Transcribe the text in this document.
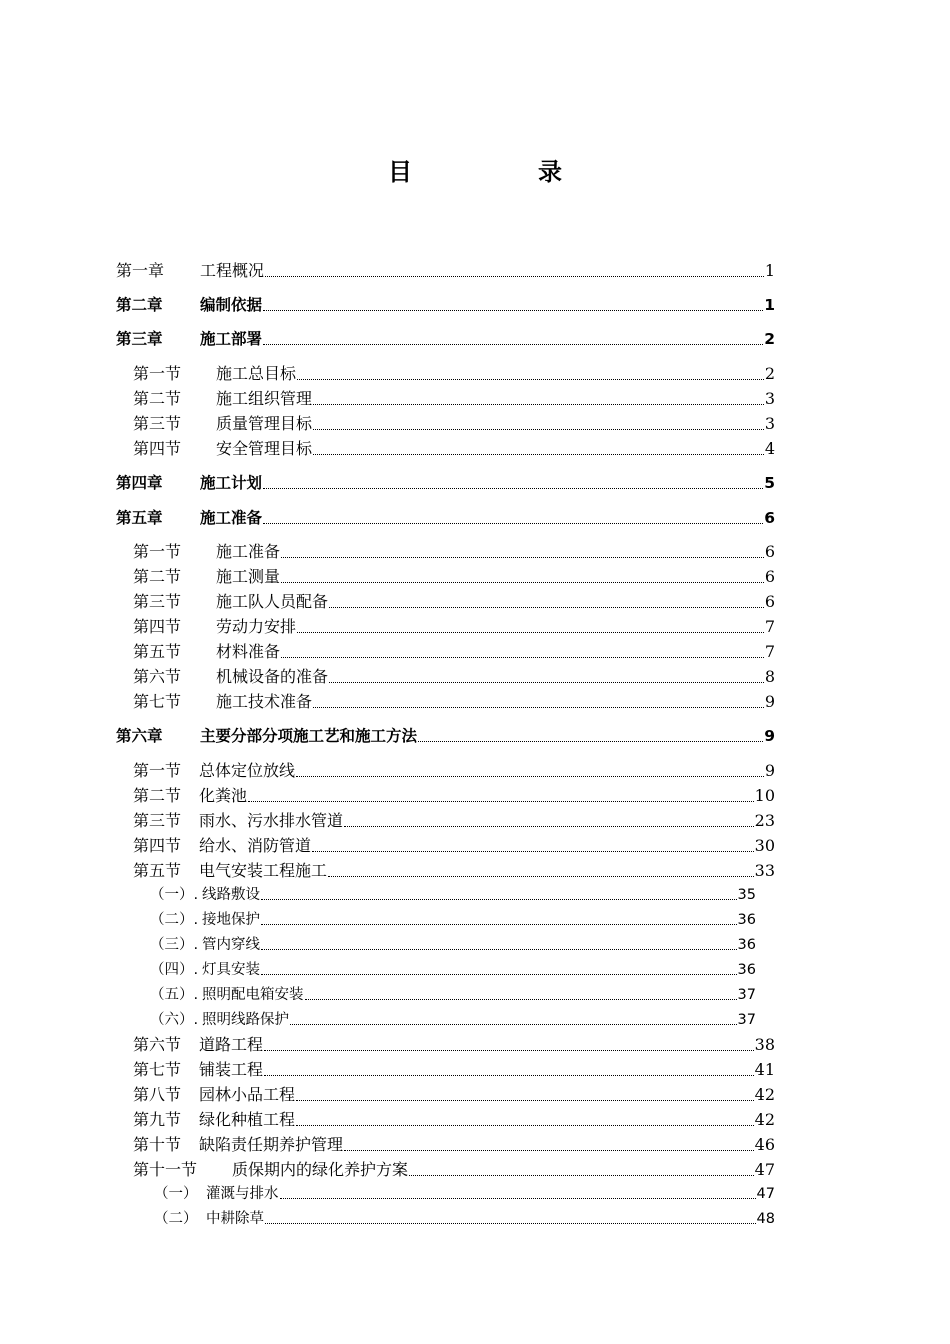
目	录
第一章	工程概况	1
第二章	编制依据	1
第三章	施工部署	2
第一节	施工总目标	2
第二节	施工组织管理	3
第三节	质量管理目标	3
第四节	安全管理目标	4
第四章	施工计划	5
第五章	施工准备	6
第一节	施工准备	6
第二节	施工测量	6
第三节	施工队人员配备	6
第四节	劳动力安排	7
第五节	材料准备	7
第六节	机械设备的准备	8
第七节	施工技术准备	9
第六章	主要分部分项施工艺和施工方法	9
第一节	总体定位放线	9
第二节	化粪池	10
第三节	雨水、污水排水管道	23
第四节	给水、消防管道	30
第五节	电气安装工程施工	33
（一）. 线路敷设	35
（二）. 接地保护	36
（三）. 管内穿线	36
（四）. 灯具安装	36
（五）. 照明配电箱安装	37
（六）. 照明线路保护	37
第六节	道路工程	38
第七节	铺装工程	41
第八节	园林小品工程	42
第九节	绿化种植工程	42
第十节	缺陷责任期养护管理	46
第十一节	质保期内的绿化养护方案	47
（一） 灌溉与排水	47
（二） 中耕除草	48
